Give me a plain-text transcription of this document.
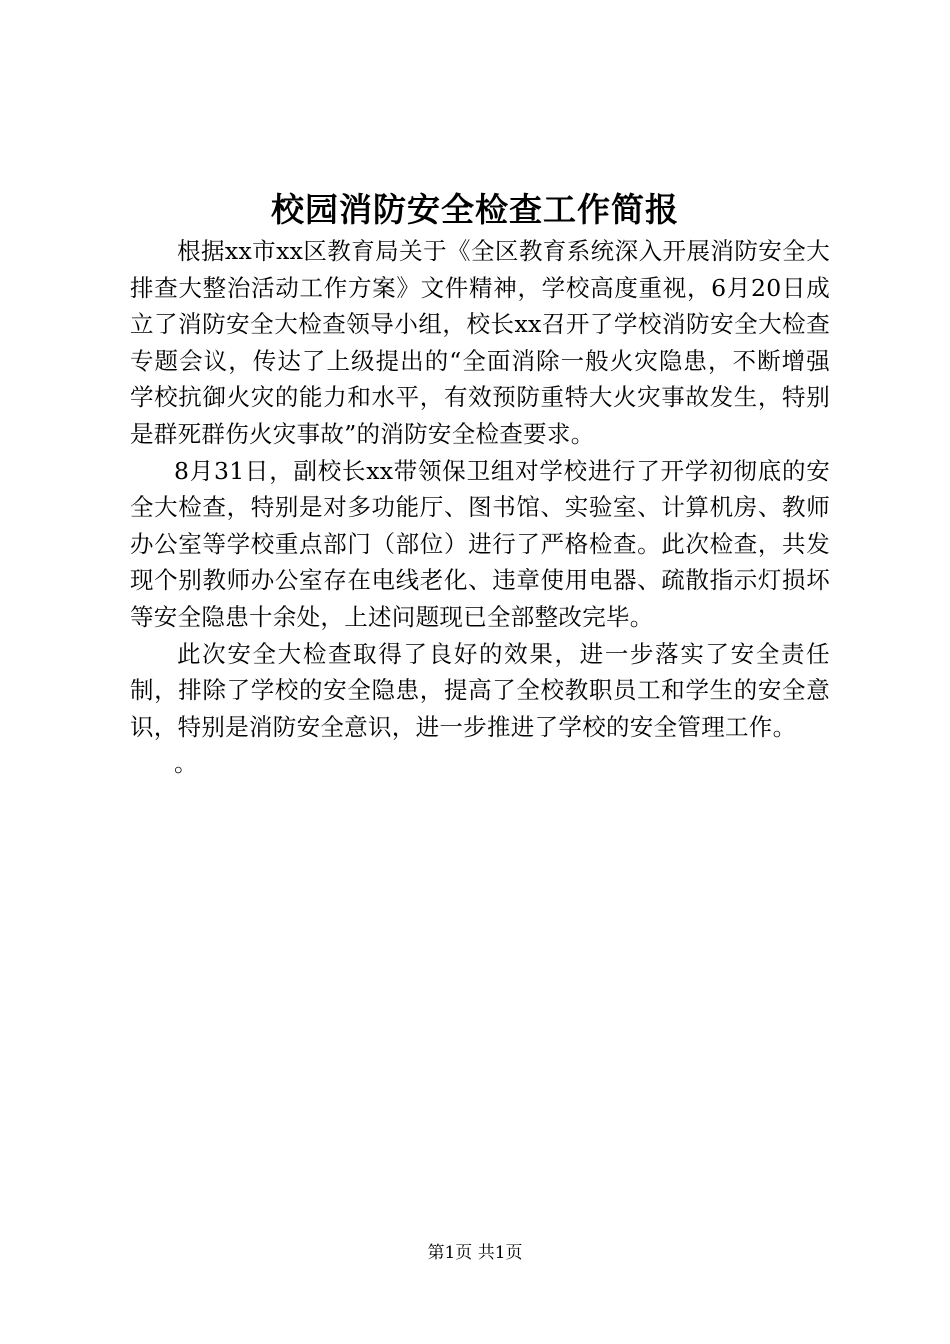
校园消防安全检查工作简报

根据xx市xx区教育局关于《全区教育系统深入开展消防安全大排查大整治活动工作方案》文件精神，学校高度重视，6月20日成立了消防安全大检查领导小组，校长xx召开了学校消防安全大检查专题会议，传达了上级提出的“全面消除一般火灾隐患，不断增强学校抗御火灾的能力和水平，有效预防重特大火灾事故发生，特别是群死群伤火灾事故”的消防安全检查要求。

8月31日，副校长xx带领保卫组对学校进行了开学初彻底的安全大检查，特别是对多功能厅、图书馆、实验室、计算机房、教师办公室等学校重点部门（部位）进行了严格检查。此次检查，共发现个别教师办公室存在电线老化、违章使用电器、疏散指示灯损坏等安全隐患十余处，上述问题现已全部整改完毕。

此次安全大检查取得了良好的效果，进一步落实了安全责任制，排除了学校的安全隐患，提高了全校教职员工和学生的安全意识，特别是消防安全意识，进一步推进了学校的安全管理工作。

。

第1页 共1页
